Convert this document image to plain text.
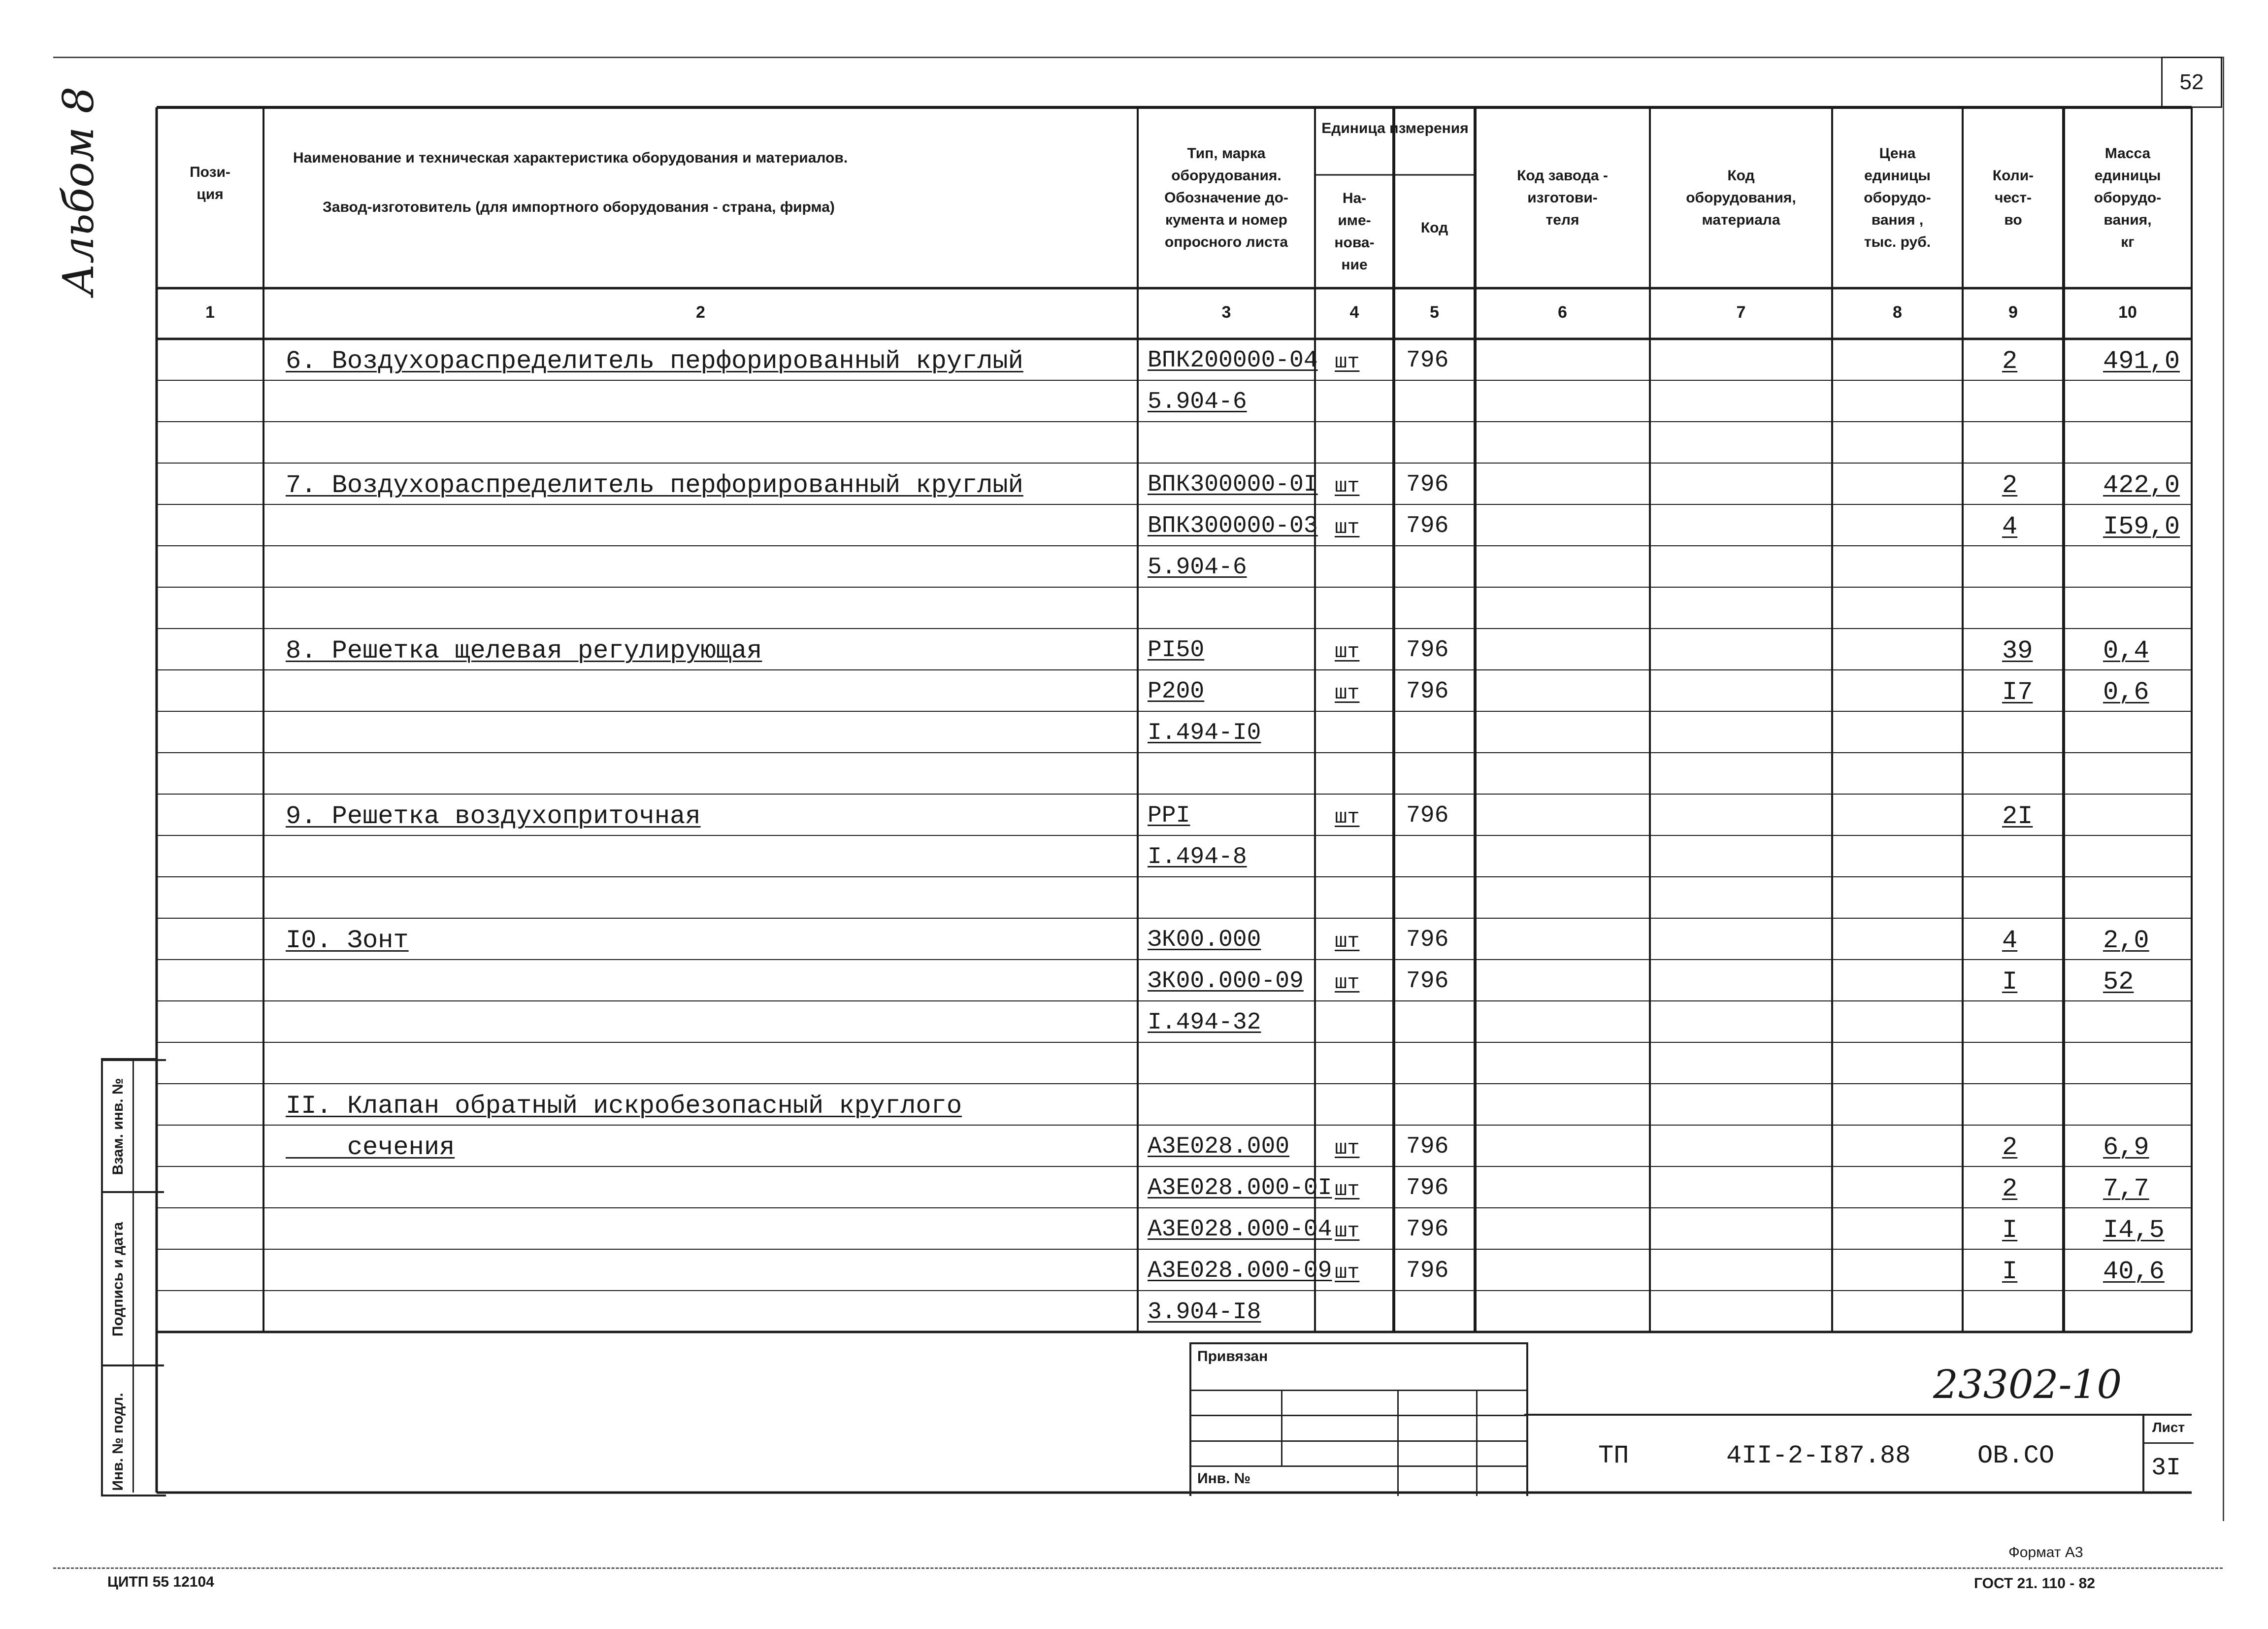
52
Альбом 8	Пози-
ция
Наименование и техническая характеристика оборудования и материалов.
Завод-изготовитель (для импортного оборудования - страна, фирма)
Тип, марка
оборудования.
Обозначение до-
кумента и номер
опросного листа
Единица измерения
На-
име-
нова-
ние
Код
Код завода -
изготови-
теля
Код
оборудования,
материала
Цена
единицы
оборудо-
вания ,
тыс. руб.
Коли-
чест-
во
Масса
единицы
оборудо-
вания,
кг
1	2	3	4	5	6	7	8	9	10
6. Воздухораспределитель перфорированный круглый	ВПК200000-04 шт 796	2	491,0
5.904-6
7. Воздухораспределитель перфорированный круглый	ВПК300000-0I шт 796	2	422,0
ВПК300000-03 шт 796	4	I59,0
5.904-6
8. Решетка щелевая регулирующая	PI50	шт 796	39	0,4
P200	шт 796	I7	0,6
I.494-I0
9. Решетка воздухоприточная	PPI	шт 796	2I
I.494-8
I0. Зонт	ЗК00.000	шт 796	4	2,0
ЗК00.000-09 шт 796	I	52
I.494-32
II. Клапан обратный искробезопасный круглого
сечения	А3Е028.000 шт 796	2	6,9
А3Е028.000-0I шт 796	2	7,7
А3Е028.000-04 шт 796	I	I4,5
А3Е028.000-09 шт 796	I	40,6
3.904-I8
Взам. инв. №
Подпись и дата
Инв. № подл.
Привязан
Инв. №
23302-10
ТП	4II-2-I87.88	ОВ.СО
Лист
3I
ЦИТП 55 12104
Формат А3
ГОСТ 21. 110 - 82
